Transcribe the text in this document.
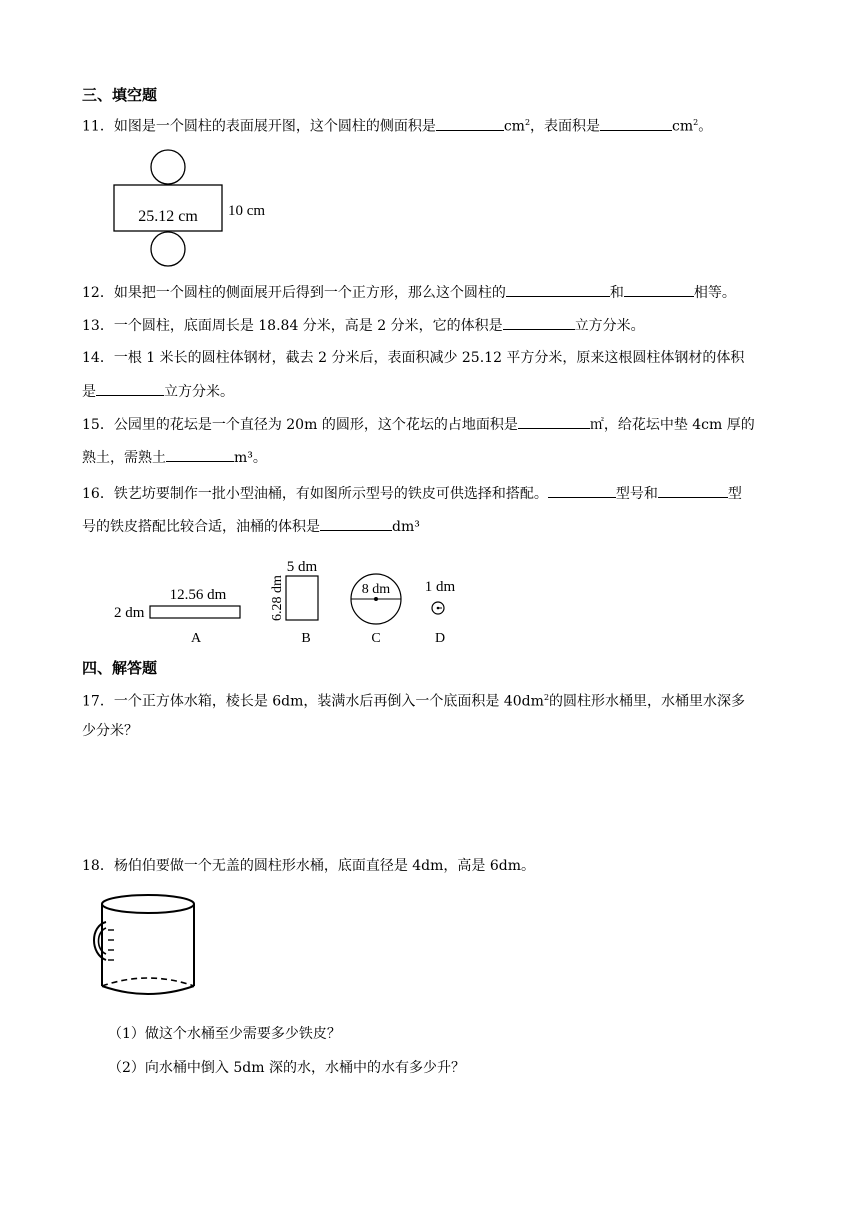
三、填空题
11．如图是一个圆柱的表面展开图，这个圆柱的侧面积是	$cm^2$，表面积是	$cm^2$。
25.12 cm 10 cm
12．如果把一个圆柱的侧面展开后得到一个正方形，那么这个圆柱的	和	相等。
13．一个圆柱，底面周长是 18.84 分米，高是 2 分米，它的体积是	立方分米。
14．一根 1 米长的圆柱体钢材，截去 2 分米后，表面积减少 25.12 平方分米，原来这根圆柱体钢材的体积
是	立方分米。
15．公园里的花坛是一个直径为 20m 的圆形，这个花坛的占地面积是	㎡，给花坛中垫 4cm 厚的
熟土，需熟土	m³。
16．铁艺坊要制作一批小型油桶，有如图所示型号的铁皮可供选择和搭配。	型号和	型
号的铁皮搭配比较合适，油桶的体积是	dm³
12.56 dm
2 dm
A
5 dm
6.28 dm
B
8 dm
C
1 dm
D
四、解答题
17．一个正方体水箱，棱长是 6dm，装满水后再倒入一个底面积是 $40dm^2$的圆柱形水桶里，水桶里水深多
少分米？
18．杨伯伯要做一个无盖的圆柱形水桶，底面直径是 4dm，高是 6dm。
（1）做这个水桶至少需要多少铁皮？
（2）向水桶中倒入 5dm 深的水，水桶中的水有多少升？
